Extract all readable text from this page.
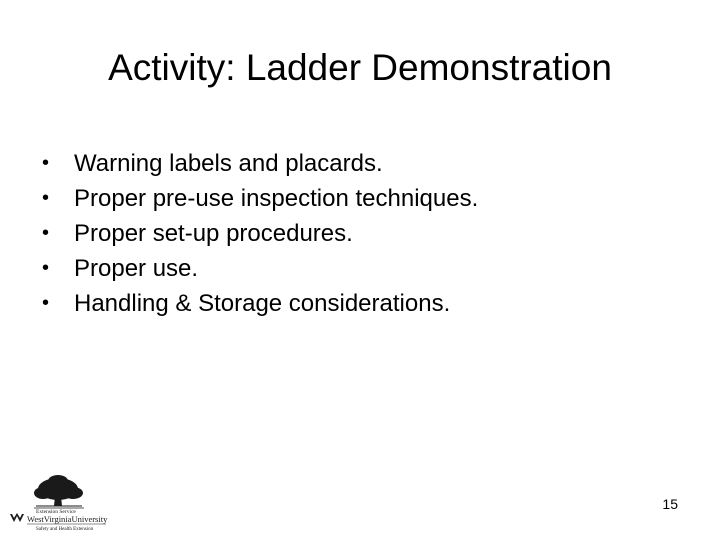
Activity: Ladder Demonstration
• Warning labels and placards.
• Proper pre-use inspection techniques.
• Proper set-up procedures.
• Proper use.
• Handling & Storage considerations.
Extension Service
WestVirginiaUniversity
Safety and Health Extension
15
